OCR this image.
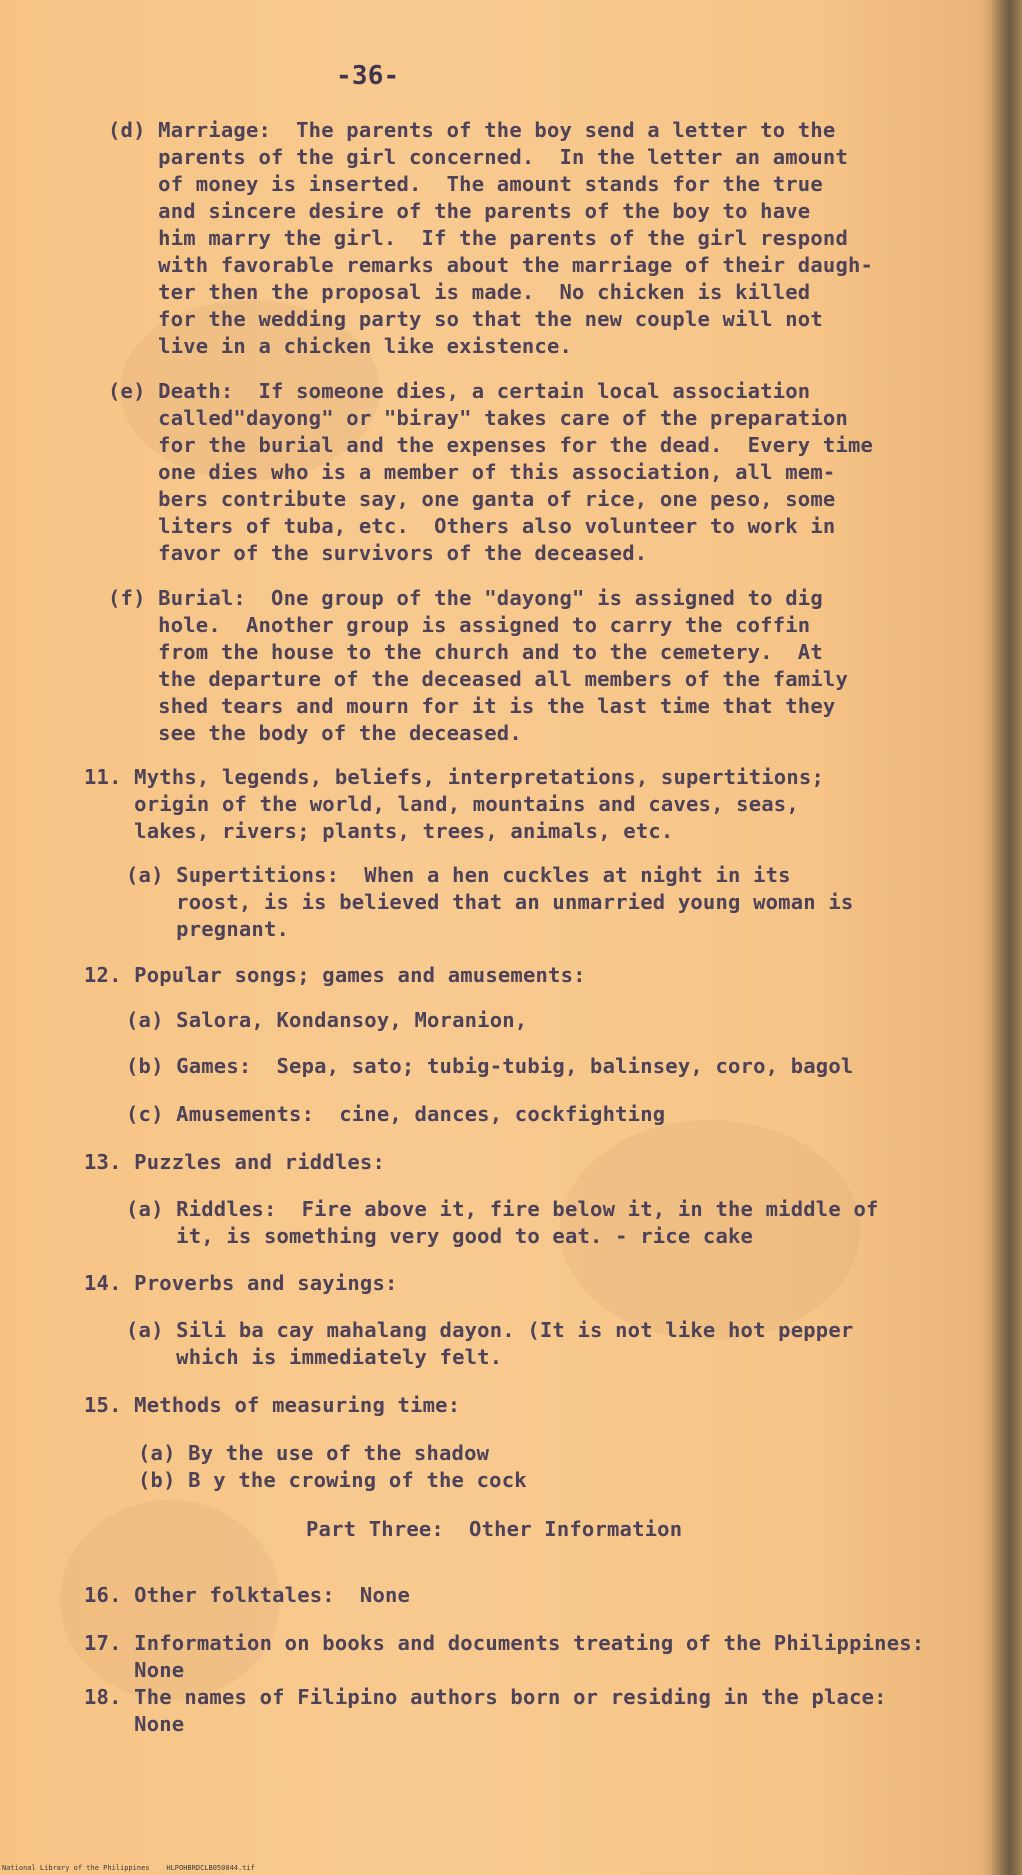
-36-
(d) Marriage:  The parents of the boy send a letter to the
parents of the girl concerned.  In the letter an amount
of money is inserted.  The amount stands for the true
and sincere desire of the parents of the boy to have
him marry the girl.  If the parents of the girl respond
with favorable remarks about the marriage of their daugh-
ter then the proposal is made.  No chicken is killed
for the wedding party so that the new couple will not
live in a chicken like existence.
(e) Death:  If someone dies, a certain local association
called"dayong" or "biray" takes care of the preparation
for the burial and the expenses for the dead.  Every time
one dies who is a member of this association, all mem-
bers contribute say, one ganta of rice, one peso, some
liters of tuba, etc.  Others also volunteer to work in
favor of the survivors of the deceased.
(f) Burial:  One group of the "dayong" is assigned to dig
hole.  Another group is assigned to carry the coffin
from the house to the church and to the cemetery.  At
the departure of the deceased all members of the family
shed tears and mourn for it is the last time that they
see the body of the deceased.
11. Myths, legends, beliefs, interpretations, supertitions;
origin of the world, land, mountains and caves, seas,
lakes, rivers; plants, trees, animals, etc.
(a) Supertitions:  When a hen cuckles at night in its
roost, is is believed that an unmarried young woman is
pregnant.
12. Popular songs; games and amusements:
(a) Salora, Kondansoy, Moranion,
(b) Games:  Sepa, sato; tubig-tubig, balinsey, coro, bagol
(c) Amusements:  cine, dances, cockfighting
13. Puzzles and riddles:
(a) Riddles:  Fire above it, fire below it, in the middle of
it, is something very good to eat. - rice cake
14. Proverbs and sayings:
(a) Sili ba cay mahalang dayon. (It is not like hot pepper
which is immediately felt.
15. Methods of measuring time:
(a) By the use of the shadow
(b) B y the crowing of the cock
Part Three:  Other Information
16. Other folktales:  None
17. Information on books and documents treating of the Philippines:
None
18. The names of Filipino authors born or residing in the place:
None
National Library of the Philippines    HLPOHBRDCLB050044.tif
